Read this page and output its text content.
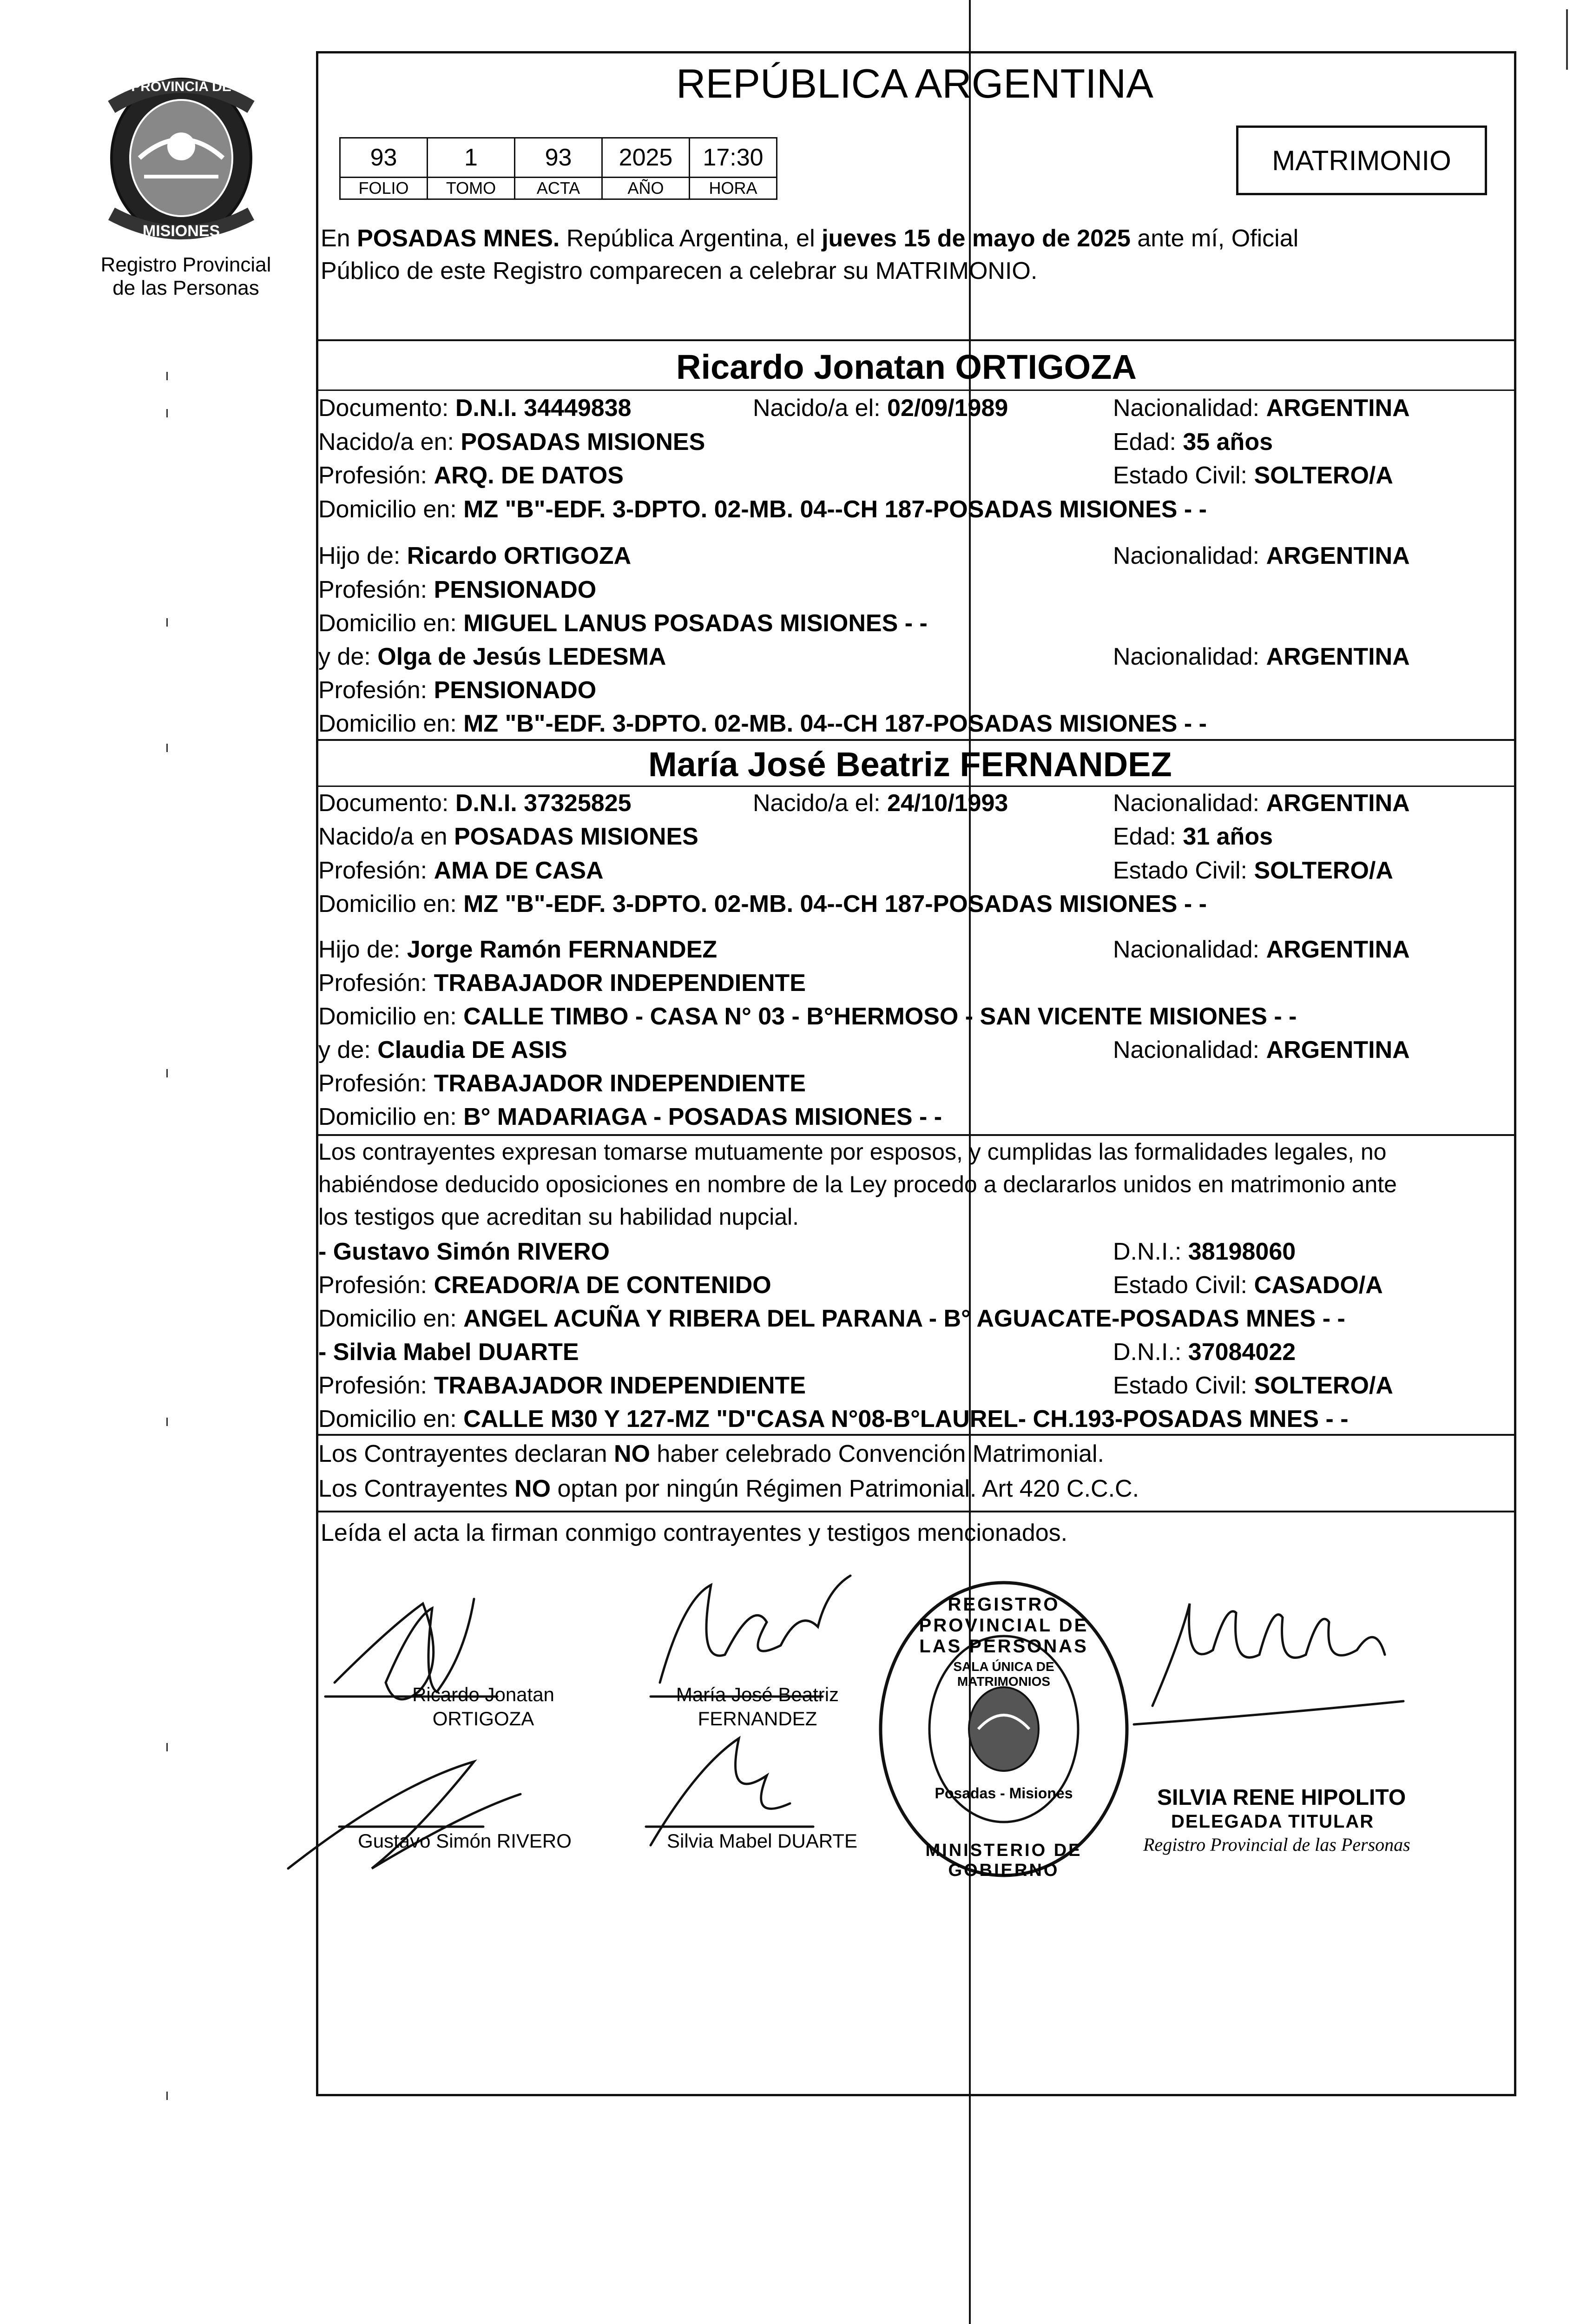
PROVINCIA DE
MISIONES
Registro Provincial
de las Personas
REPÚBLICA ARGENTINA
93	1	93	2025	17:30
FOLIO	TOMO	ACTA	AÑO	HORA
MATRIMONIO
En POSADAS MNES. República Argentina, el jueves 15 de mayo de 2025 ante mí, Oficial
Público de este Registro comparecen a celebrar su MATRIMONIO.
Ricardo Jonatan ORTIGOZA
Documento: D.N.I. 34449838	Nacido/a el: 02/09/1989	Nacionalidad: ARGENTINA
Nacido/a en: POSADAS MISIONES	Edad: 35 años
Profesión: ARQ. DE DATOS	Estado Civil: SOLTERO/A
Domicilio en: MZ "B"-EDF. 3-DPTO. 02-MB. 04--CH 187-POSADAS MISIONES - -
Hijo de: Ricardo ORTIGOZA	Nacionalidad: ARGENTINA
Profesión: PENSIONADO
Domicilio en: MIGUEL LANUS POSADAS MISIONES - -
y de: Olga de Jesús LEDESMA	Nacionalidad: ARGENTINA
Profesión: PENSIONADO
Domicilio en: MZ "B"-EDF. 3-DPTO. 02-MB. 04--CH 187-POSADAS MISIONES - -
María José Beatriz FERNANDEZ
Documento: D.N.I. 37325825	Nacido/a el: 24/10/1993	Nacionalidad: ARGENTINA
Nacido/a en POSADAS MISIONES	Edad: 31 años
Profesión: AMA DE CASA	Estado Civil: SOLTERO/A
Domicilio en: MZ "B"-EDF. 3-DPTO. 02-MB. 04--CH 187-POSADAS MISIONES - -
Hijo de: Jorge Ramón FERNANDEZ	Nacionalidad: ARGENTINA
Profesión: TRABAJADOR INDEPENDIENTE
Domicilio en: CALLE TIMBO - CASA N° 03 - B°HERMOSO - SAN VICENTE MISIONES - -
y de: Claudia DE ASIS	Nacionalidad: ARGENTINA
Profesión: TRABAJADOR INDEPENDIENTE
Domicilio en: B° MADARIAGA - POSADAS MISIONES - -
Los contrayentes expresan tomarse mutuamente por esposos, y cumplidas las formalidades legales, no
habiéndose deducido oposiciones en nombre de la Ley procedo a declararlos unidos en matrimonio ante
los testigos que acreditan su habilidad nupcial.
- Gustavo Simón RIVERO	D.N.I.: 38198060
Profesión: CREADOR/A DE CONTENIDO	Estado Civil: CASADO/A
Domicilio en: ANGEL ACUÑA Y RIBERA DEL PARANA - B° AGUACATE-POSADAS MNES - -
- Silvia Mabel DUARTE	D.N.I.: 37084022
Profesión: TRABAJADOR INDEPENDIENTE	Estado Civil: SOLTERO/A
Domicilio en: CALLE M30 Y 127-MZ "D"CASA N°08-B°LAUREL- CH.193-POSADAS MNES - -
Los Contrayentes declaran NO haber celebrado Convención Matrimonial.
Los Contrayentes NO optan por ningún Régimen Patrimonial. Art 420 C.C.C.
Leída el acta la firman conmigo contrayentes y testigos mencionados.
Ricardo Jonatan
ORTIGOZA
María José Beatriz
FERNANDEZ
Gustavo Simón RIVERO	Silvia Mabel DUARTE
REGISTRO PROVINCIAL DE LAS PERSONAS
SALA ÚNICA DE MATRIMONIOS
Posadas - Misiones
MINISTERIO DE GOBIERNO
SILVIA RENE HIPOLITO
DELEGADA TITULAR
Registro Provincial de las Personas
